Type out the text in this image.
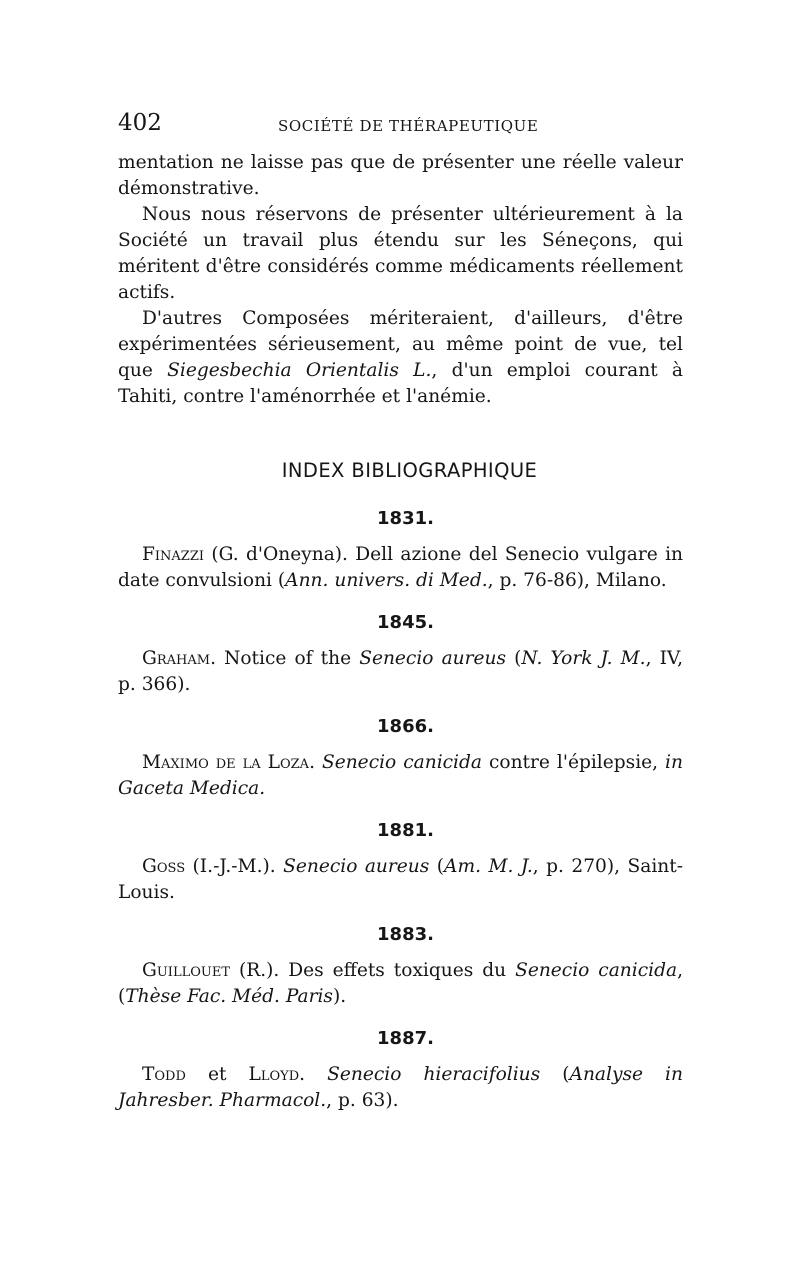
402	SOCIÉTÉ DE THÉRAPEUTIQUE

mentation ne laisse pas que de présenter une réelle valeur démonstrative.

Nous nous réservons de présenter ultérieurement à la Société un travail plus étendu sur les Séneçons, qui méritent d'être considérés comme médicaments réellement actifs.

D'autres Composées mériteraient, d'ailleurs, d'être expérimentées sérieusement, au même point de vue, tel que Siegesbechia Orientalis L., d'un emploi courant à Tahiti, contre l'aménorrhée et l'anémie.

INDEX BIBLIOGRAPHIQUE
1831.

Finazzi (G. d'Oneyna). Dell azione del Senecio vulgare in date convulsioni (Ann. univers. di Med., p. 76-86), Milano.

1845.

Graham. Notice of the Senecio aureus (N. York J. M., IV, p. 366).

1866.

Maximo de la Loza. Senecio canicida contre l'épilepsie, in Gaceta Medica.

1881.

Goss (I.-J.-M.). Senecio aureus (Am. M. J., p. 270), Saint-Louis.

1883.

Guillouet (R.). Des effets toxiques du Senecio canicida, (Thèse Fac. Méd. Paris).

1887.

Todd et Lloyd. Senecio hieracifolius (Analyse in Jahresber. Pharmacol., p. 63).
